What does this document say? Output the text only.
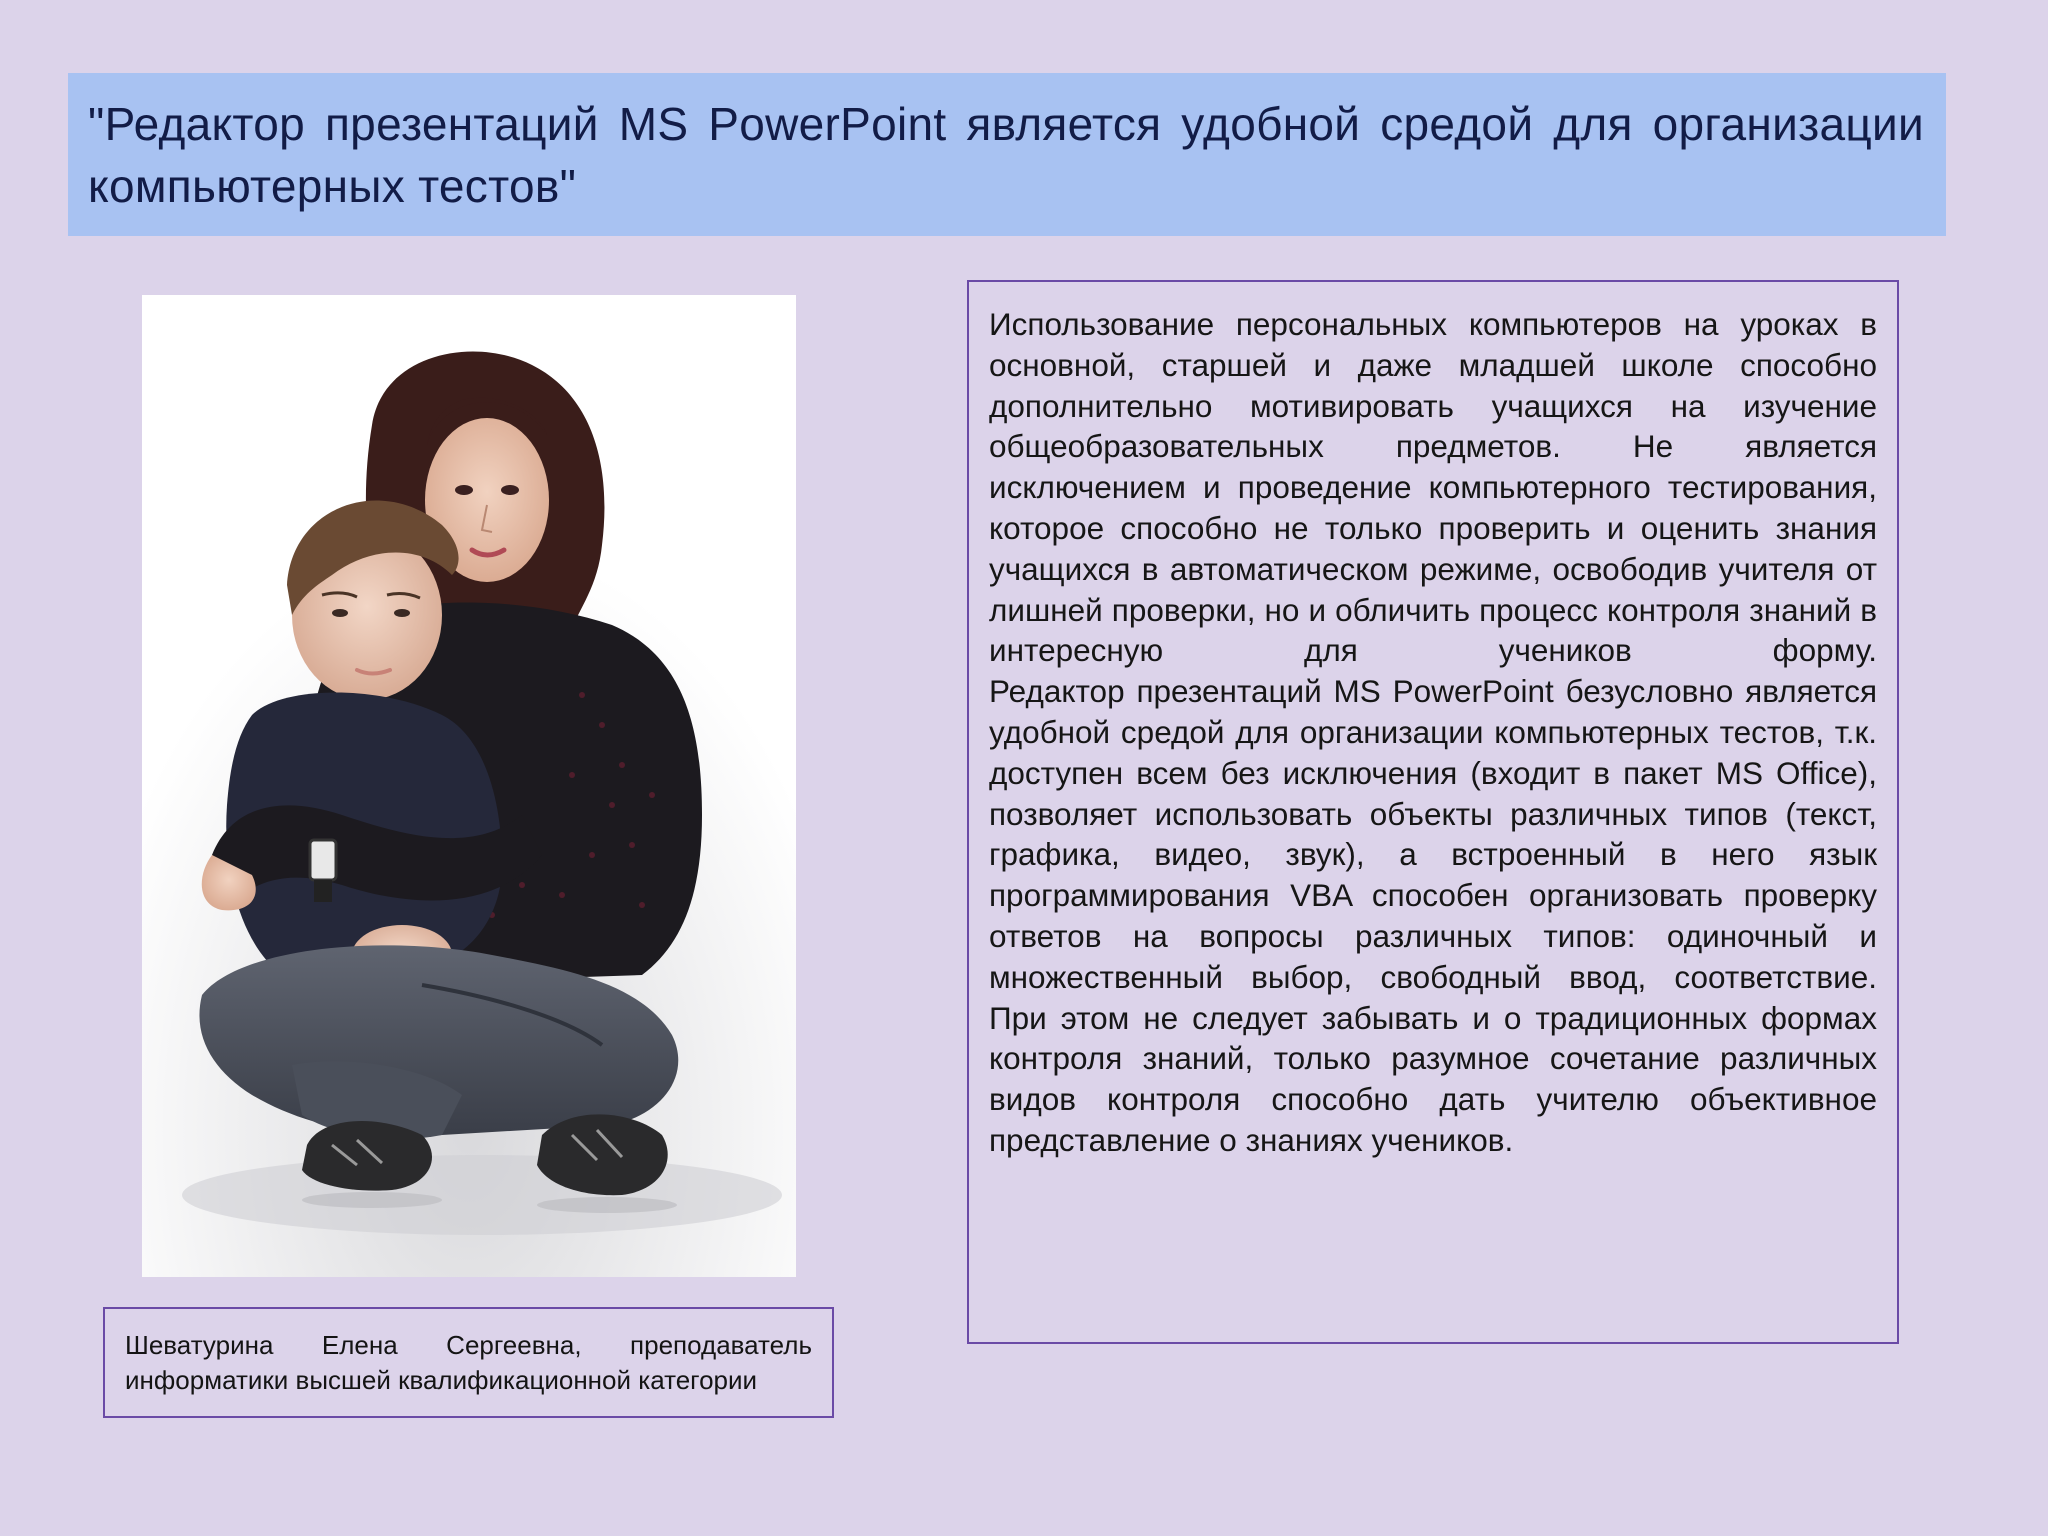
"Редактор презентаций MS PowerPoint является удобной средой для организации компьютерных тестов"

Шеватурина Елена Сергеевна, преподаватель информатики высшей квалификационной категории

Использование персональных компьютеров на уроках в основной, старшей и даже младшей школе способно дополнительно мотивировать учащихся на изучение общеобразовательных предметов. Не является исключением и проведение компьютерного тестирования, которое способно не только проверить и оценить знания учащихся в автоматическом режиме, освободив учителя от лишней проверки, но и обличить процесс контроля знаний в интересную для учеников форму.

Редактор презентаций MS PowerPoint безусловно является удобной средой для организации компьютерных тестов, т.к. доступен всем без исключения (входит в пакет MS Office), позволяет использовать объекты различных типов (текст, графика, видео, звук), а встроенный в него язык программирования VBA способен организовать проверку ответов на вопросы различных типов: одиночный и множественный выбор, свободный ввод, соответствие.

При этом не следует забывать и о традиционных формах контроля знаний, только разумное сочетание различных видов контроля способно дать учителю объективное представление о знаниях учеников.
